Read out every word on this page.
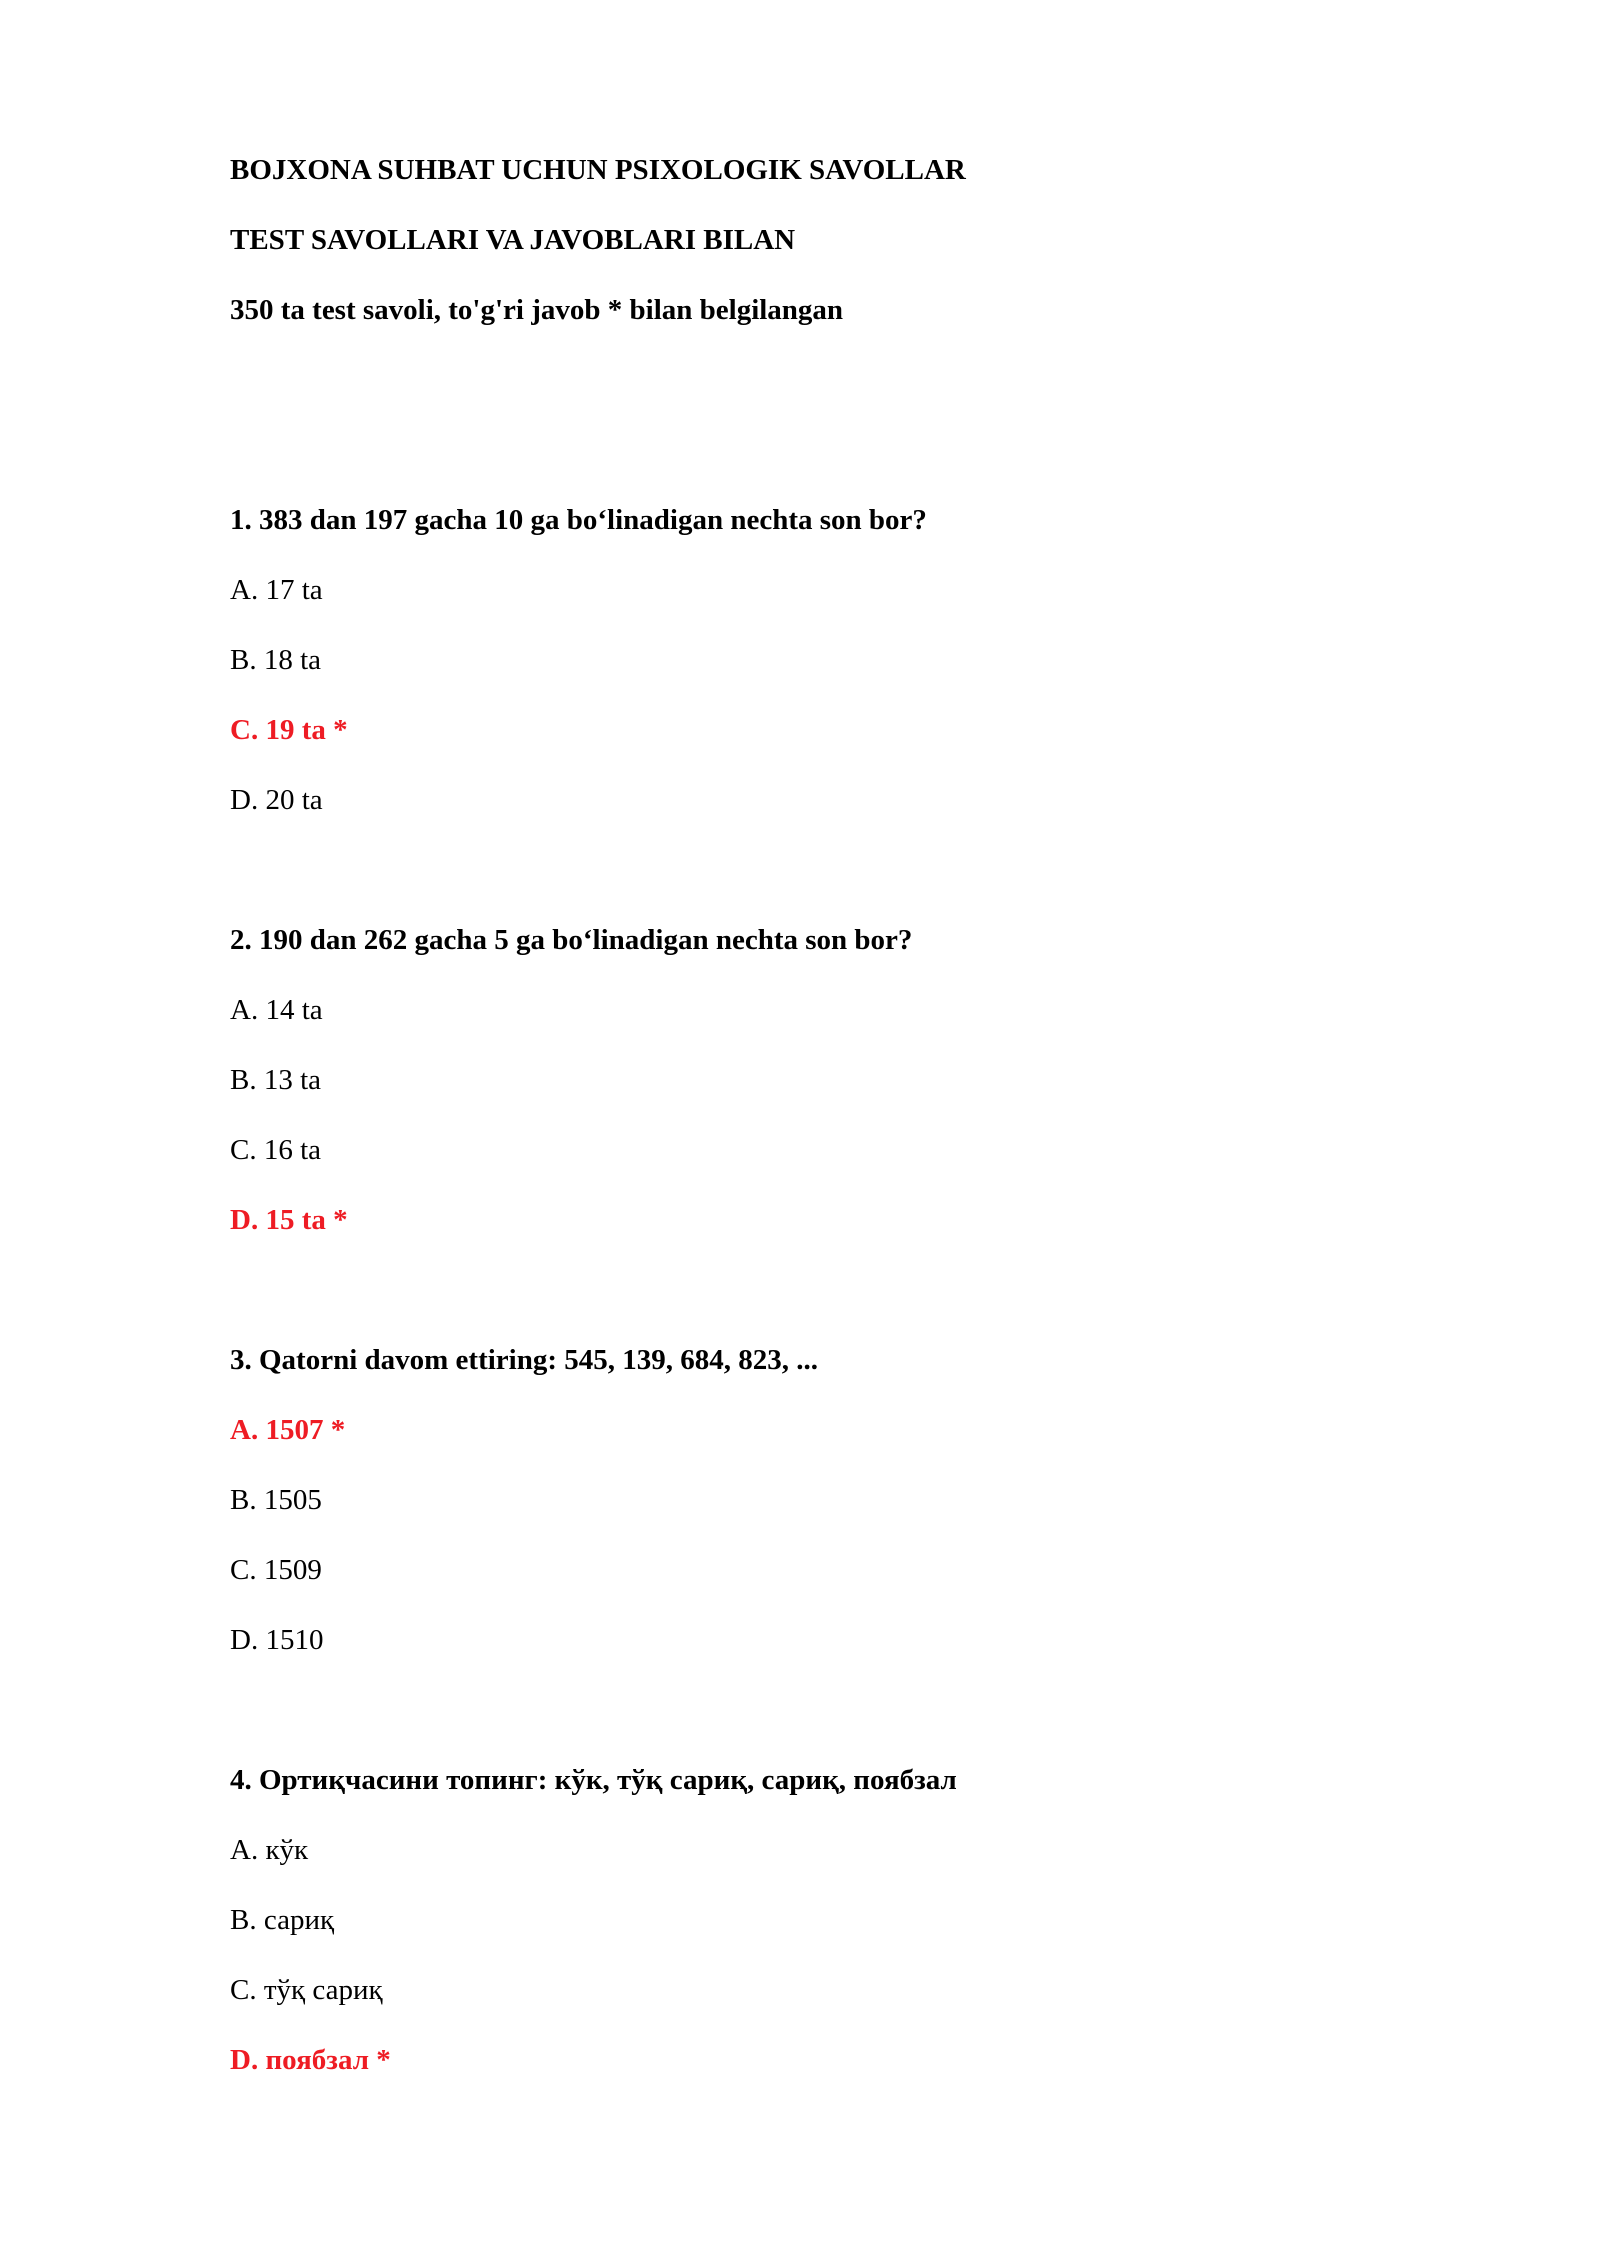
BOJXONA SUHBAT UCHUN PSIXOLOGIK SAVOLLAR
TEST SAVOLLARI VA JAVOBLARI BILAN
350 ta test savoli, to'g'ri javob * bilan belgilangan
1. 383 dan 197 gacha 10 ga bo‘linadigan nechta son bor?
A. 17 ta
B. 18 ta
C. 19 ta *
D. 20 ta
2. 190 dan 262 gacha 5 ga bo‘linadigan nechta son bor?
A. 14 ta
B. 13 ta
C. 16 ta
D. 15 ta *
3. Qatorni davom ettiring: 545, 139, 684, 823, ...
A. 1507 *
B. 1505
C. 1509
D. 1510
4. Ортиқчасини топинг: кўк, тўқ сариқ, сариқ, поябзал
A. кўк
B. сариқ
C. тўқ сариқ
D. поябзал *
